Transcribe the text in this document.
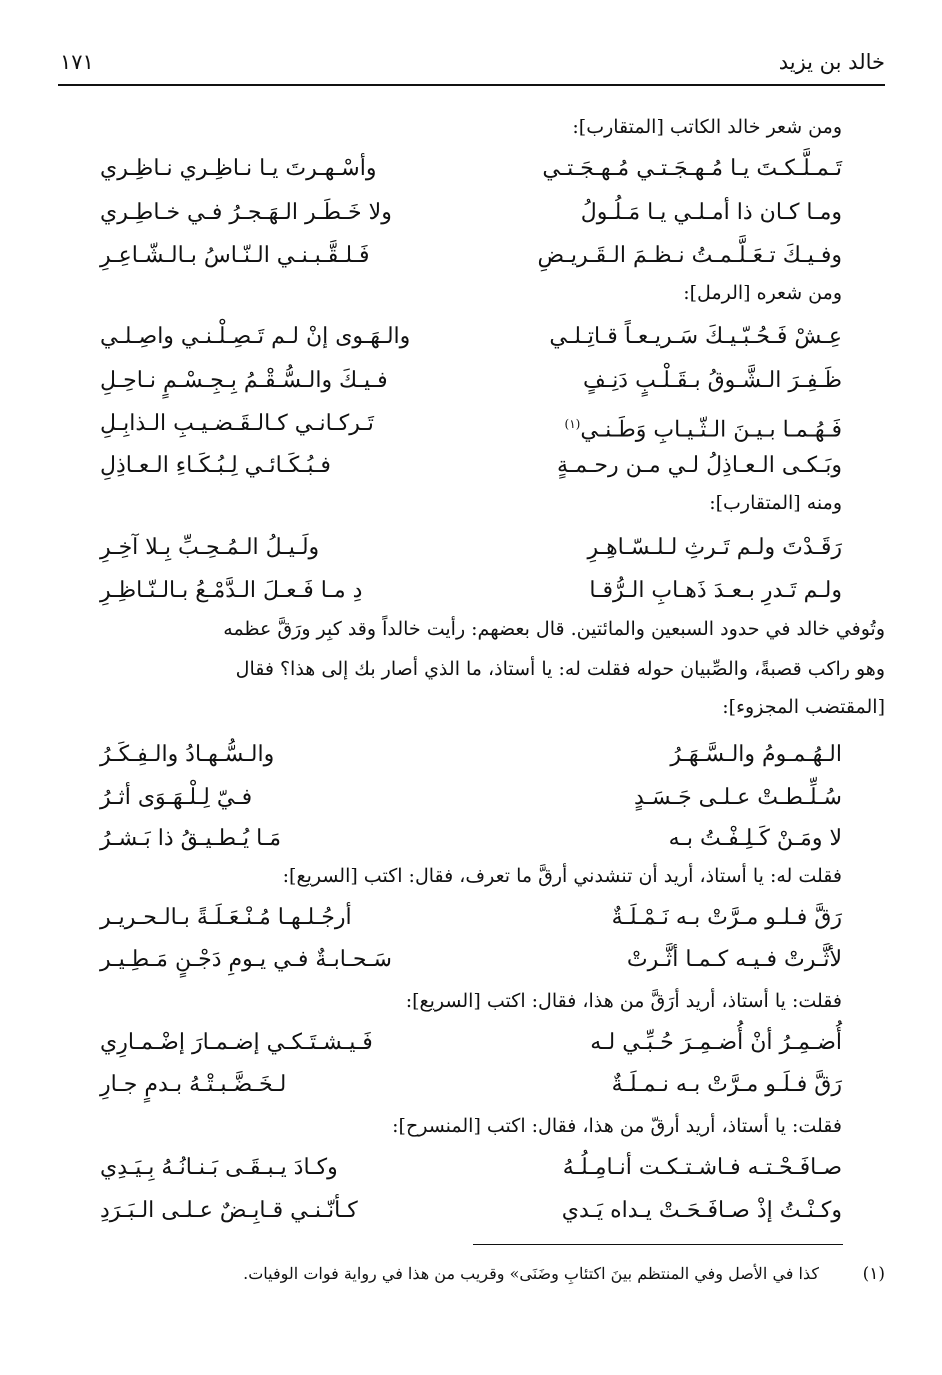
خالد بن يزيد
١٧١
ومن شعر خالد الكاتب [المتقارب]:
تَـمـلَّـكـتَ يـا مُـهـجَـتـي مُـهـجَـتـي
وأسْـهـرتَ يـا نـاظِـري نـاظِـري
ومـا كـان ذا أمـلـي يـا مَـلُـولُ
ولا خَـطَـر الـهَـجـرُ فـي خـاطِـري
وفـيـكَ تـعَـلَّـمـتُ نـظـمَ الـقَـريـضِ
فَـلـقَّـبـنـي الـنّـاسُ بـالـشّـاعِـرِ
ومن شعره [الرمل]:
عِـشْ فَـحُـبّـيـكَ سَـريـعـاً قـاتِـلـي
والـهَـوى إنْ لـم تَـصِـلْـنـي واصِـلـي
ظَـفِـرَ الـشَّـوقُ بـقَـلْـبٍ دَنِـفٍ
فـيـكَ والـسُّـقْـمُ بِـجِـسْـمٍ نـاحِـلِ
فَـهُـمـا بـيـنَ الـثّـيـابِ وَطَـنـي$^{(١)}$
تَـركـانـي كـالـقَـضـيـبِ الـذابِـلِ
وبَـكـى الـعـاذِلُ لـي مـن رحـمـةٍ
فـبُـكَـائـي لِـبُـكَـاءِ الـعـاذِلِ
ومنه [المتقارب]:
رَقَـدْتَ ولـم تَـرثِ لـلـسّـاهِـرِ
ولَـيـلُ الـمُـحِـبِّ بِـلا آخِـرِ
ولـم تَـدرِ بـعـدَ ذَهـابِ الـرُّقـا
دِ مـا فَـعـلَ الـدَّمْـعُ بـالـنّـاظِـرِ
وتُوفي خالد في حدود السبعين والمائتين. قال بعضهم: رأيت خالداً وقد كبِر ورَقَّ عظمه
وهو راكب قصبةً، والصِّبيان حوله فقلت له: يا أستاذ، ما الذي أصار بك إلى هذا؟ فقال
[المقتضب المجزوء]:
الـهُـمـومُ والـسَّـهَـرُ
والـسُّـهـادُ والـفِـكَـرُ
سُـلِّـطـتْ عـلـى جَـسَـدٍ
فـيّ لِـلْـهَـوَى أثـرُ
لا ومَـنْ كَـلِـفْـتُ بـه
مَـا يُـطـيـقُ ذا بَـشـرُ
فقلت له: يا أستاذ، أريد أن تنشدني أرقَّ ما تعرف، فقال: اكتب [السريع]:
رَقَّ فـلـو مـرَّتْ بـه نَـمْـلَـةٌ
أرجُـلـهـا مُـنْـعَـلَـةً بـالـحـريـر
لأثَّـرتْ فـيـه كـمـا أثَّـرتْ
سَـحـابـةٌ فـي يـومِ دَجْـنٍ مَـطِـيـر
فقلت: يا أستاذ، أريد أرَقَّ من هذا، فقال: اكتب [السريع]:
أُضـمِـرُ أنْ أُضـمِـرَ حُـبِّـي لـه
فَـيـشـتَـكـي إضـمـارَ إضْـمـارِي
رَقَّ فـلَـو مـرَّتْ بـه نـمـلَـةٌ
لـخَـضَّـبـتْـهُ بـدمٍ جـارِ
فقلت: يا أستاذ، أريد أرقّ من هذا، فقال: اكتب [المنسرح]:
صـافَـحْـتـه فـاشـتـكـت أنـامِـلُـهُ
وكـادَ يـبـقَـى بَـنـانُـهُ بِـيَـدِي
وكـنْـتُ إذْ صـافَـحَـتْ يـداه يَـدي
كـأنّـنـي قـابِـضٌ عـلـى الـبَـرَدِ
(١)
كذا في الأصل وفي المنتظم بينَ اكتئابِ وضَنَى» وقريب من هذا في رواية فوات الوفيات.
